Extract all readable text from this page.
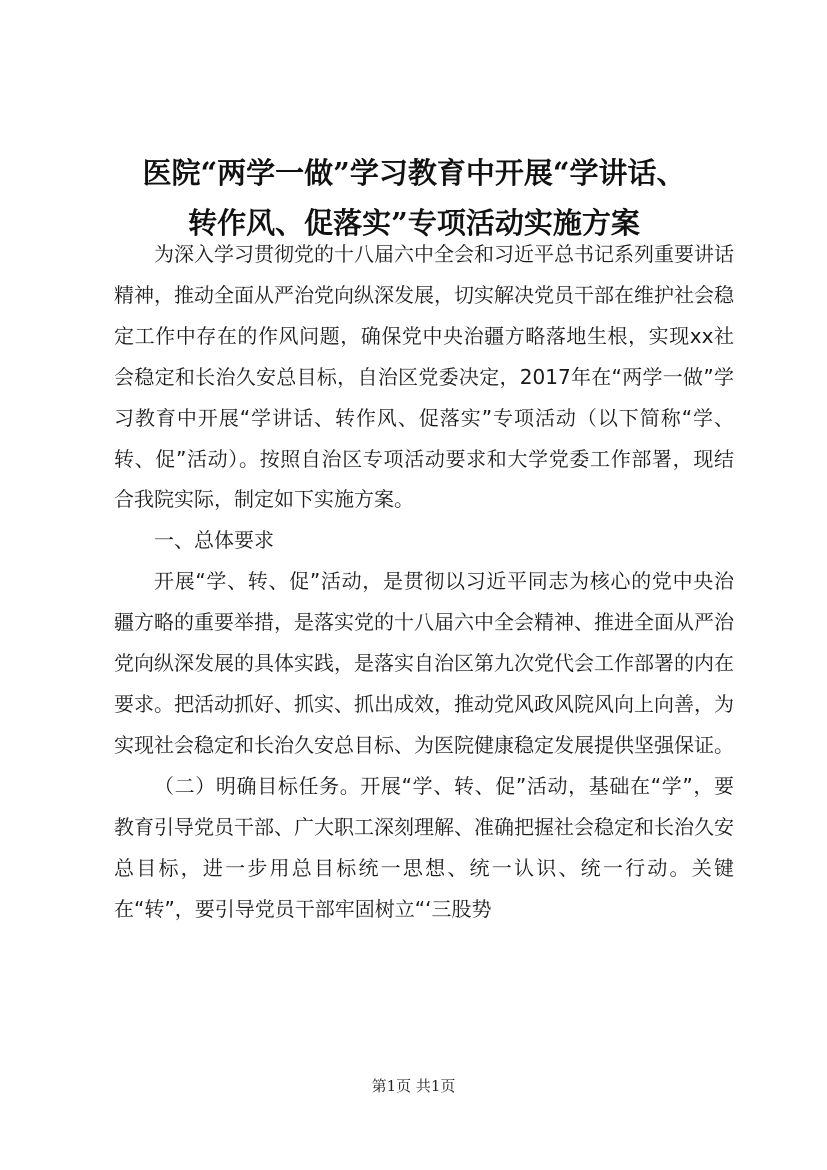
医院“两学一做”学习教育中开展“学讲话、
转作风、促落实”专项活动实施方案

为深入学习贯彻党的十八届六中全会和习近平总书记系列重要讲话精神，推动全面从严治党向纵深发展，切实解决党员干部在维护社会稳定工作中存在的作风问题，确保党中央治疆方略落地生根，实现xx社会稳定和长治久安总目标，自治区党委决定，2017年在“两学一做”学习教育中开展“学讲话、转作风、促落实”专项活动（以下简称“学、转、促”活动）。按照自治区专项活动要求和大学党委工作部署，现结合我院实际，制定如下实施方案。

一、总体要求

开展“学、转、促”活动，是贯彻以习近平同志为核心的党中央治疆方略的重要举措，是落实党的十八届六中全会精神、推进全面从严治党向纵深发展的具体实践，是落实自治区第九次党代会工作部署的内在要求。把活动抓好、抓实、抓出成效，推动党风政风院风向上向善，为实现社会稳定和长治久安总目标、为医院健康稳定发展提供坚强保证。

（二）明确目标任务。开展“学、转、促”活动，基础在“学”，要教育引导党员干部、广大职工深刻理解、准确把握社会稳定和长治久安总目标，进一步用总目标统一思想、统一认识、统一行动。关键在“转”，要引导党员干部牢固树立“‘三股势

第1页 共1页
